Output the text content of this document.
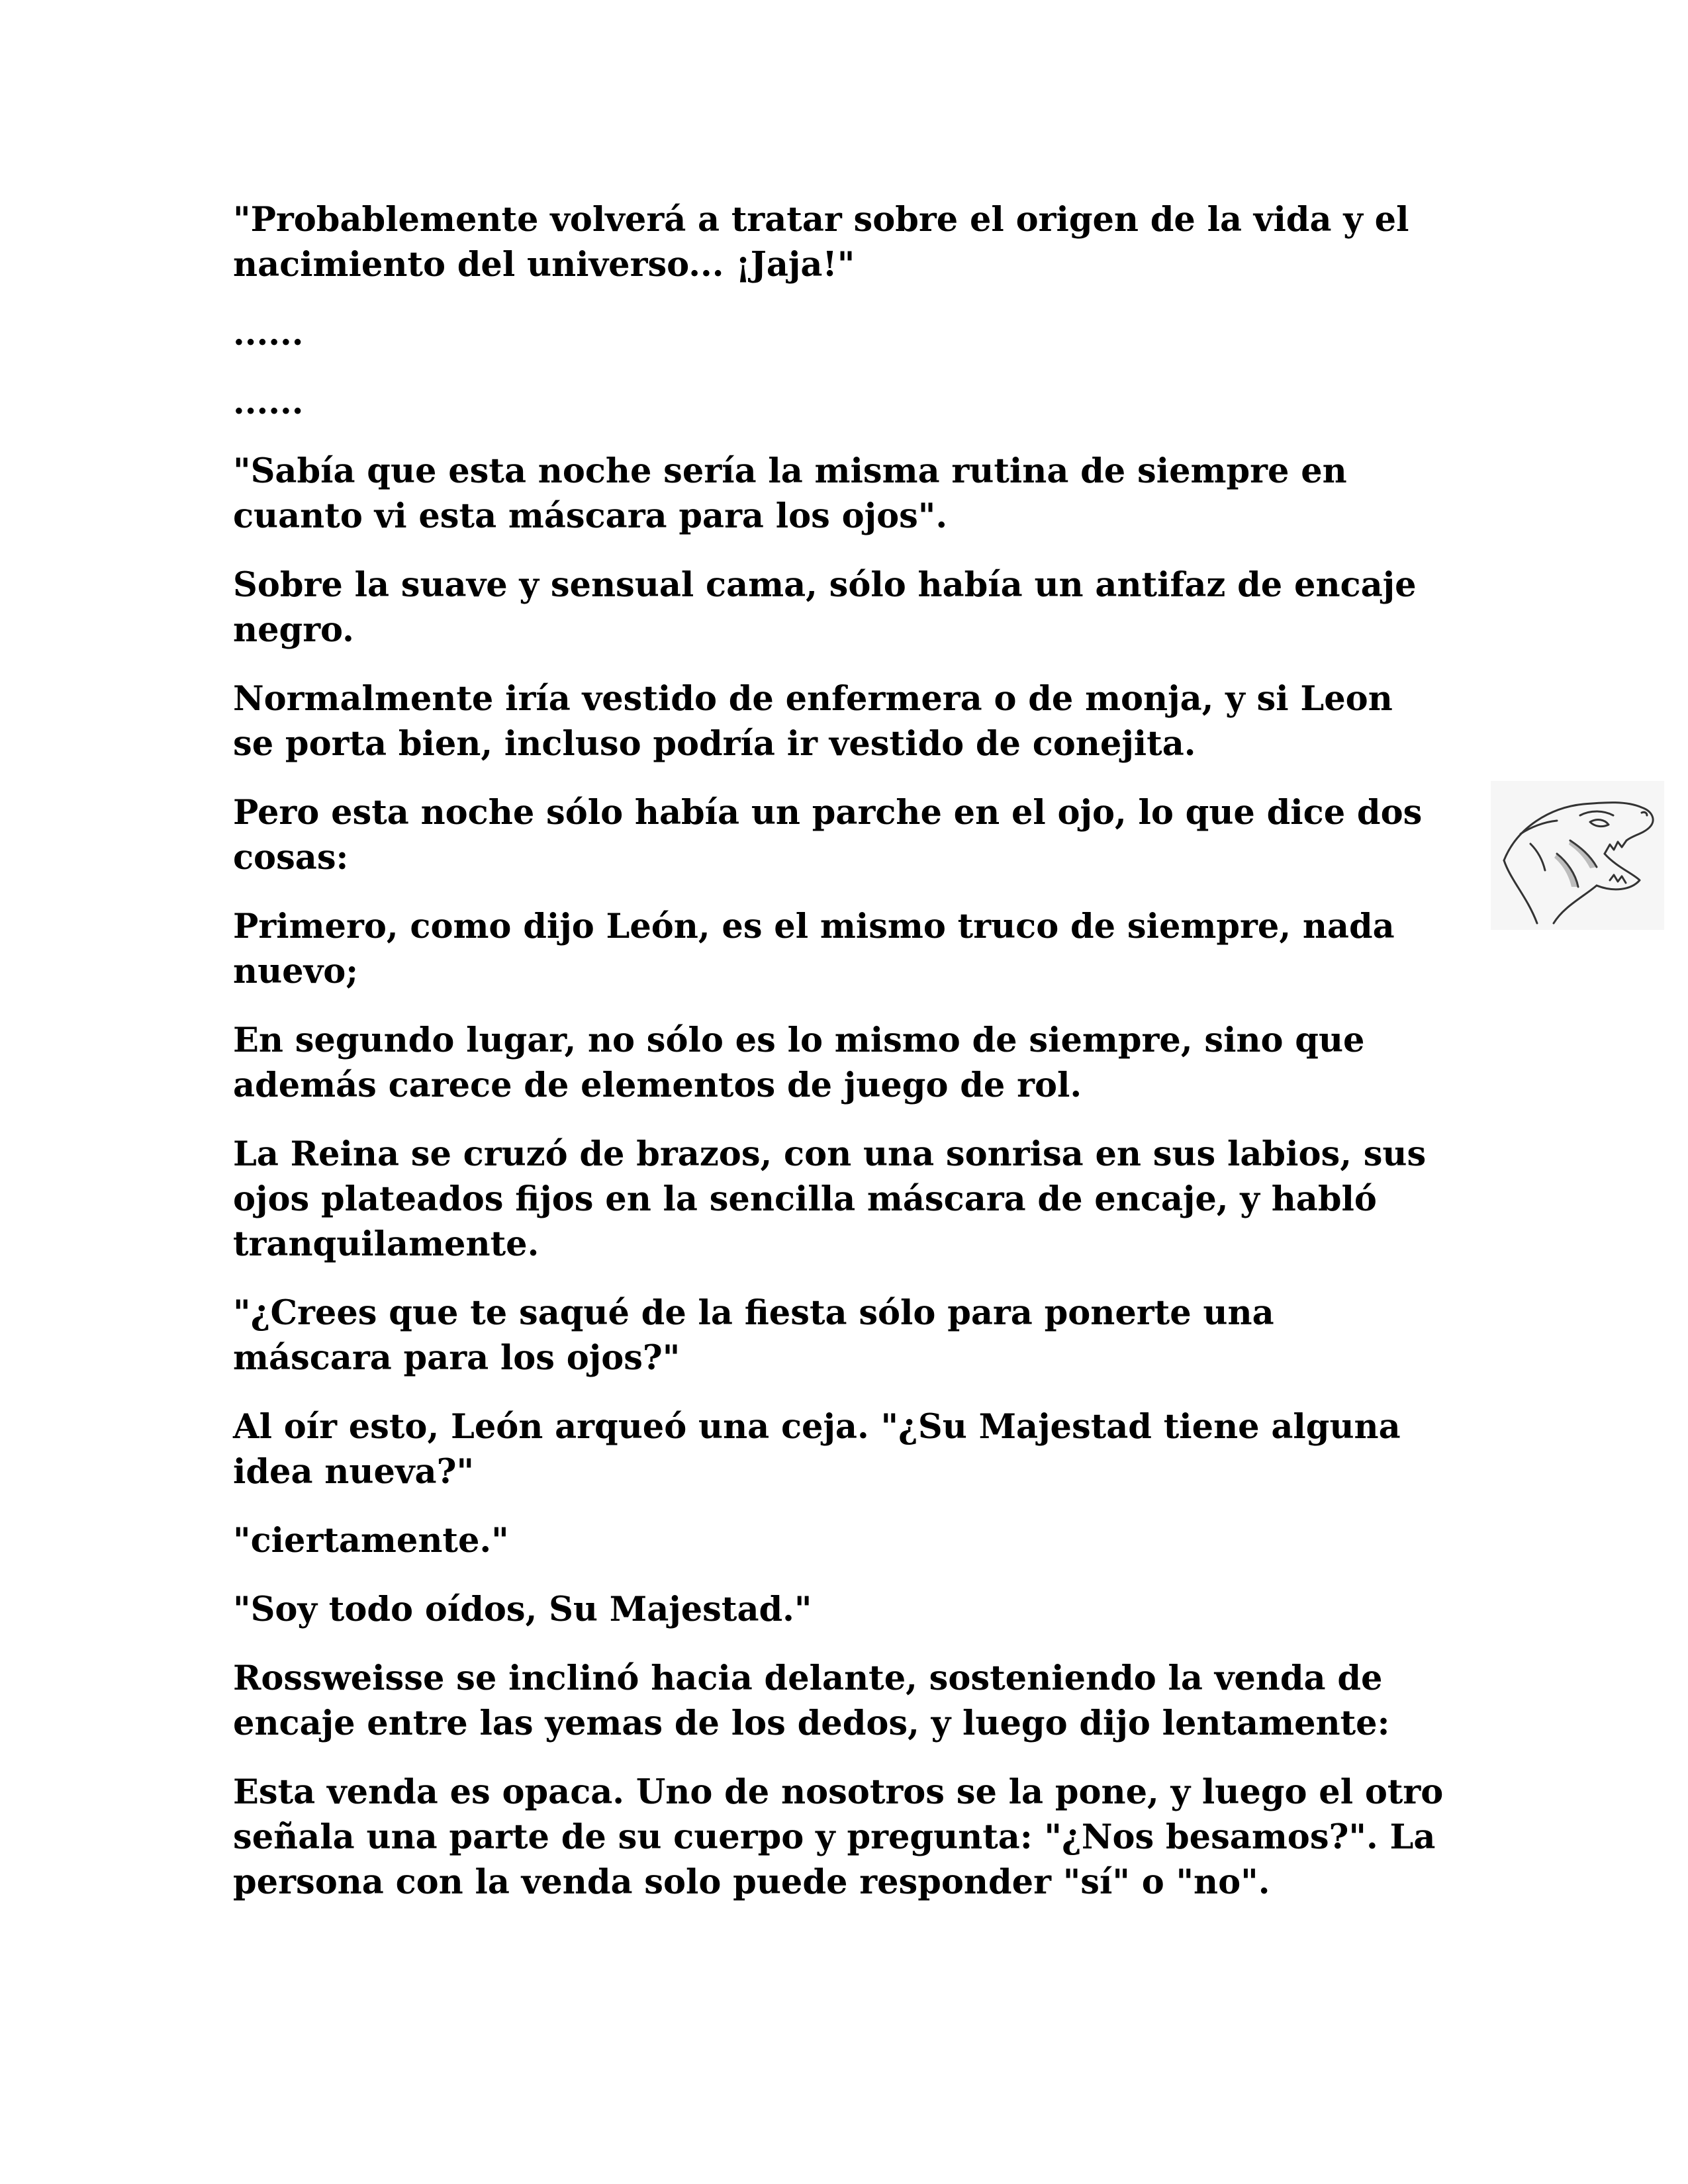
"Probablemente volverá a tratar sobre el origen de la vida y el nacimiento del universo... ¡Jaja!"

......

......

"Sabía que esta noche sería la misma rutina de siempre en cuanto vi esta máscara para los ojos".

Sobre la suave y sensual cama, sólo había un antifaz de encaje negro.

Normalmente iría vestido de enfermera o de monja, y si Leon se porta bien, incluso podría ir vestido de conejita.

Pero esta noche sólo había un parche en el ojo, lo que dice dos cosas:

Primero, como dijo León, es el mismo truco de siempre, nada nuevo;

En segundo lugar, no sólo es lo mismo de siempre, sino que además carece de elementos de juego de rol.

La Reina se cruzó de brazos, con una sonrisa en sus labios, sus ojos plateados fijos en la sencilla máscara de encaje, y habló tranquilamente.

"¿Crees que te saqué de la fiesta sólo para ponerte una máscara para los ojos?"

Al oír esto, León arqueó una ceja. "¿Su Majestad tiene alguna idea nueva?"

"ciertamente."

"Soy todo oídos, Su Majestad."

Rossweisse se inclinó hacia delante, sosteniendo la venda de encaje entre las yemas de los dedos, y luego dijo lentamente:

Esta venda es opaca. Uno de nosotros se la pone, y luego el otro señala una parte de su cuerpo y pregunta: "¿Nos besamos?". La persona con la venda solo puede responder "sí" o "no".
